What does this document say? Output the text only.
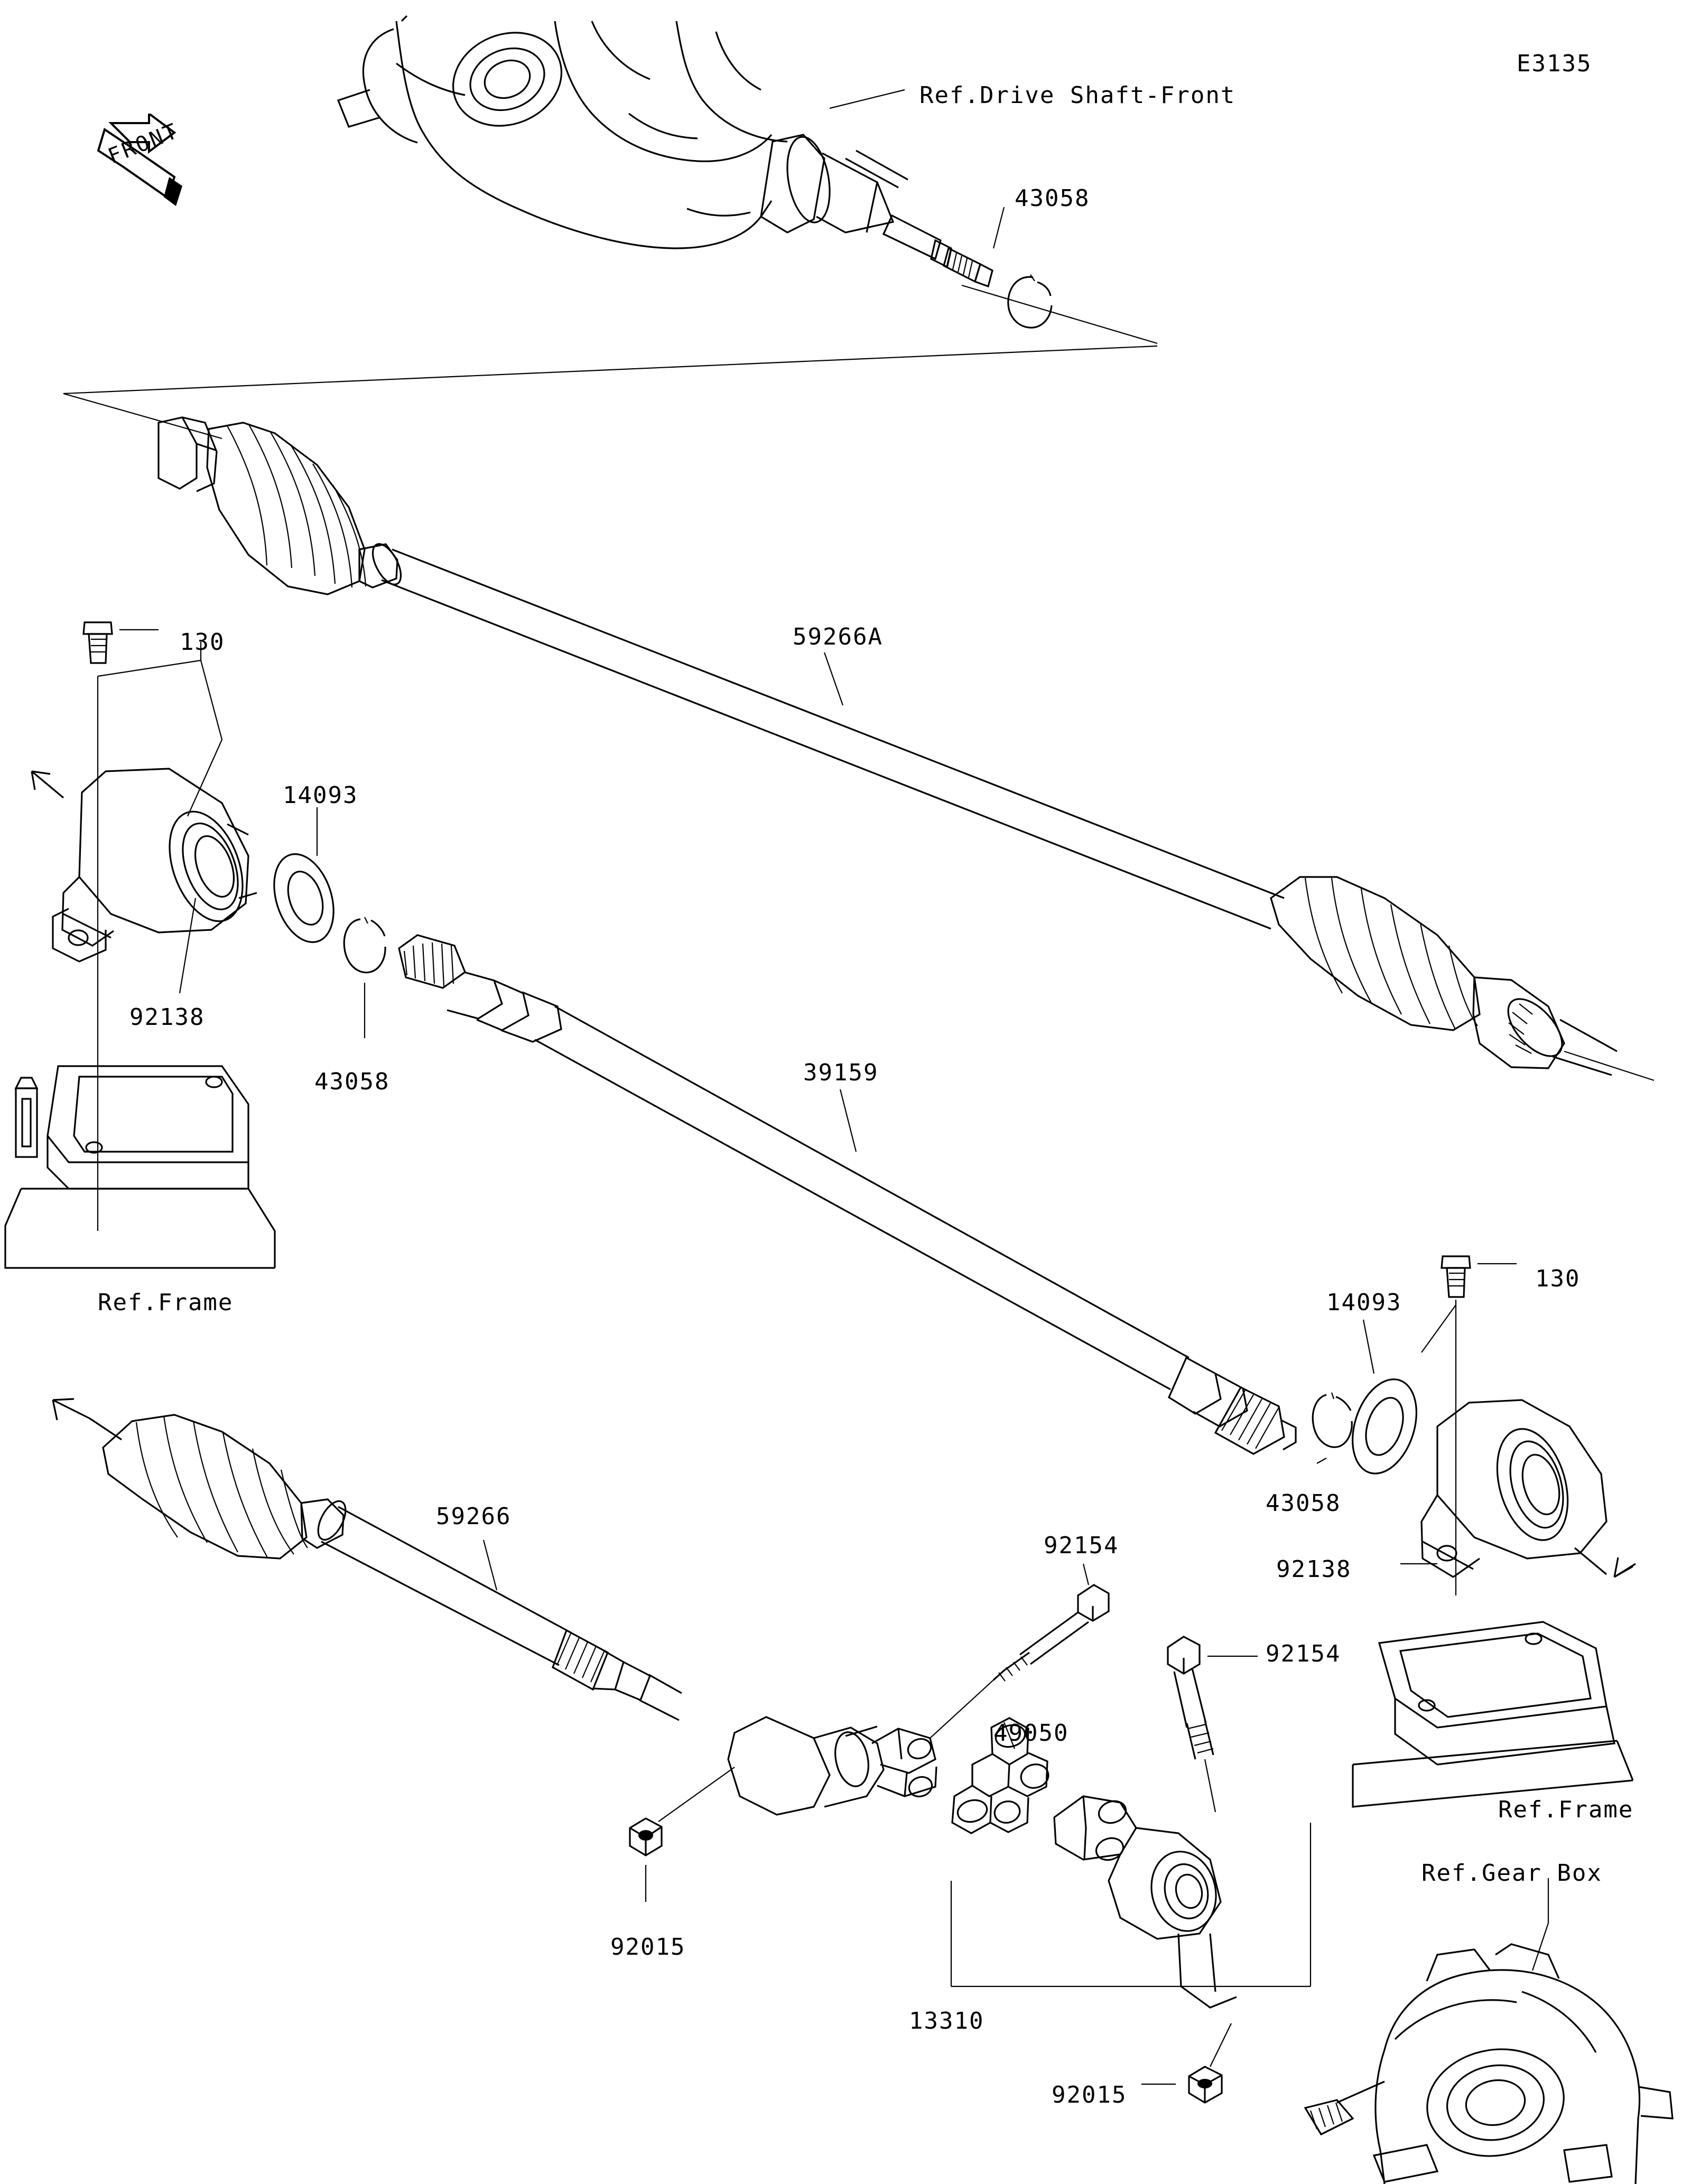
FRONT
E3135
Ref.Drive Shaft-Front
43058
59266A
130
14093
92138
43058	39159
Ref.Frame	14093
130
43058
92138
59266
92154
92154
49050
Ref.Frame
Ref.Gear Box
92015
13310
92015
